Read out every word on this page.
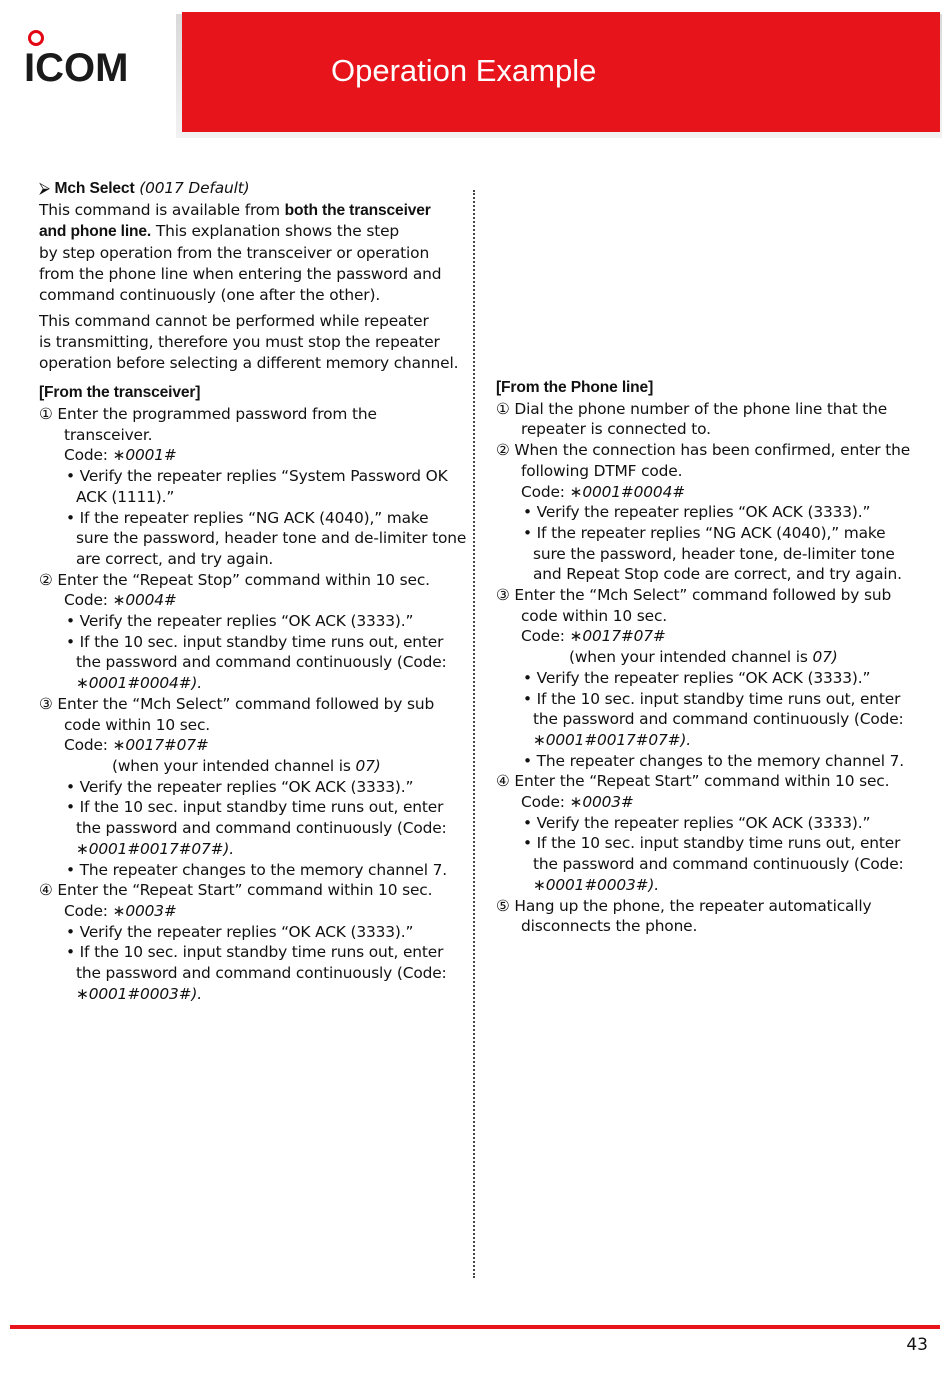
ICOM	Operation Example
⮚ Mch Select (0017 Default)
This command is available from both the transceiver
and phone line. This explanation shows the step
by step operation from the transceiver or operation
from the phone line when entering the password and
command continuously (one after the other).
This command cannot be performed while repeater
is transmitting, therefore you must stop the repeater
operation before selecting a different memory channel.
[From the transceiver]
① Enter the programmed password from the
transceiver.
Code: ∗0001#
• Verify the repeater replies “System Password OK
ACK (1111).”
• If the repeater replies “NG ACK (4040),” make
sure the password, header tone and de-limiter tone
are correct, and try again.
② Enter the “Repeat Stop” command within 10 sec.
Code: ∗0004#
• Verify the repeater replies “OK ACK (3333).”
• If the 10 sec. input standby time runs out, enter
the password and command continuously (Code:
∗0001#0004#).
③ Enter the “Mch Select” command followed by sub
code within 10 sec.
Code: ∗0017#07#
(when your intended channel is 07)
• Verify the repeater replies “OK ACK (3333).”
• If the 10 sec. input standby time runs out, enter
the password and command continuously (Code:
∗0001#0017#07#).
• The repeater changes to the memory channel 7.
④ Enter the “Repeat Start” command within 10 sec.
Code: ∗0003#
• Verify the repeater replies “OK ACK (3333).”
• If the 10 sec. input standby time runs out, enter
the password and command continuously (Code:
∗0001#0003#).
[From the Phone line]
① Dial the phone number of the phone line that the
repeater is connected to.
② When the connection has been confirmed, enter the
following DTMF code.
Code: ∗0001#0004#
• Verify the repeater replies “OK ACK (3333).”
• If the repeater replies “NG ACK (4040),” make
sure the password, header tone, de-limiter tone
and Repeat Stop code are correct, and try again.
③ Enter the “Mch Select” command followed by sub
code within 10 sec.
Code: ∗0017#07#
(when your intended channel is 07)
• Verify the repeater replies “OK ACK (3333).”
• If the 10 sec. input standby time runs out, enter
the password and command continuously (Code:
∗0001#0017#07#).
• The repeater changes to the memory channel 7.
④ Enter the “Repeat Start” command within 10 sec.
Code: ∗0003#
• Verify the repeater replies “OK ACK (3333).”
• If the 10 sec. input standby time runs out, enter
the password and command continuously (Code:
∗0001#0003#).
⑤ Hang up the phone, the repeater automatically
disconnects the phone.
43
